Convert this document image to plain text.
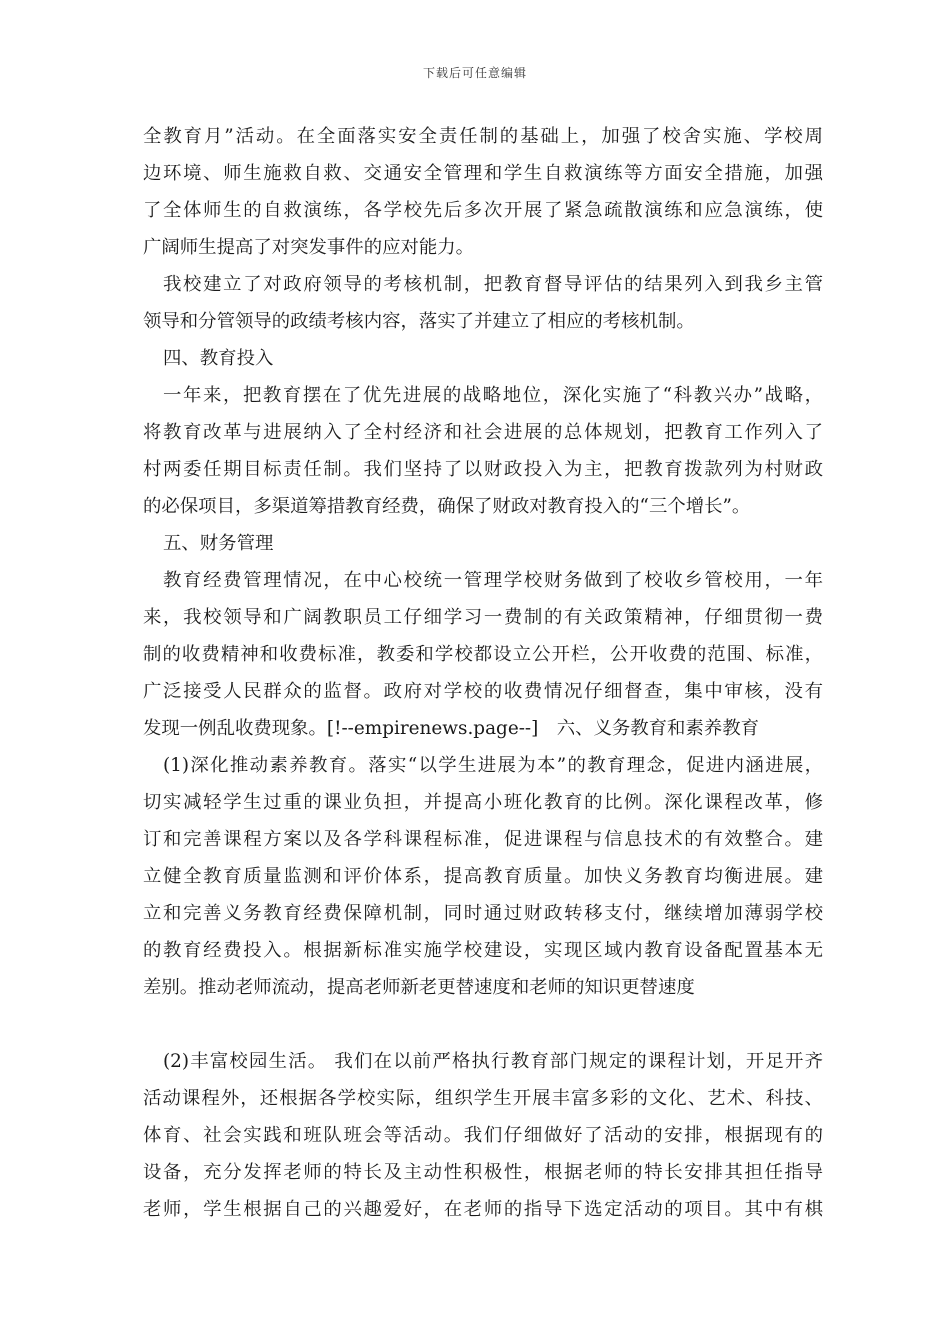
下载后可任意编辑
全教育月”活动。在全面落实安全责任制的基础上，加强了校舍实施、学校周
边环境、师生施救自救、交通安全管理和学生自救演练等方面安全措施，加强
了全体师生的自救演练，各学校先后多次开展了紧急疏散演练和应急演练，使
广阔师生提高了对突发事件的应对能力。
我校建立了对政府领导的考核机制，把教育督导评估的结果列入到我乡主管
领导和分管领导的政绩考核内容，落实了并建立了相应的考核机制。
四、教育投入
一年来，把教育摆在了优先进展的战略地位，深化实施了“科教兴办”战略，
将教育改革与进展纳入了全村经济和社会进展的总体规划，把教育工作列入了
村两委任期目标责任制。我们坚持了以财政投入为主，把教育拨款列为村财政
的必保项目，多渠道筹措教育经费，确保了财政对教育投入的“三个增长”。
五、财务管理
教育经费管理情况，在中心校统一管理学校财务做到了校收乡管校用，一年
来，我校领导和广阔教职员工仔细学习一费制的有关政策精神，仔细贯彻一费
制的收费精神和收费标准，教委和学校都设立公开栏，公开收费的范围、标准，
广泛接受人民群众的监督。政府对学校的收费情况仔细督查，集中审核，没有
发现一例乱收费现象。[!--empirenews.page--]　六、义务教育和素养教育
(1)深化推动素养教育。落实“以学生进展为本”的教育理念，促进内涵进展，
切实减轻学生过重的课业负担，并提高小班化教育的比例。深化课程改革，修
订和完善课程方案以及各学科课程标准，促进课程与信息技术的有效整合。建
立健全教育质量监测和评价体系，提高教育质量。加快义务教育均衡进展。建
立和完善义务教育经费保障机制，同时通过财政转移支付，继续增加薄弱学校
的教育经费投入。根据新标准实施学校建设，实现区域内教育设备配置基本无
差别。推动老师流动，提高老师新老更替速度和老师的知识更替速度
(2)丰富校园生活。 我们在以前严格执行教育部门规定的课程计划，开足开齐
活动课程外，还根据各学校实际，组织学生开展丰富多彩的文化、艺术、科技、
体育、社会实践和班队班会等活动。我们仔细做好了活动的安排，根据现有的
设备，充分发挥老师的特长及主动性积极性，根据老师的特长安排其担任指导
老师，学生根据自己的兴趣爱好，在老师的指导下选定活动的项目。其中有棋
